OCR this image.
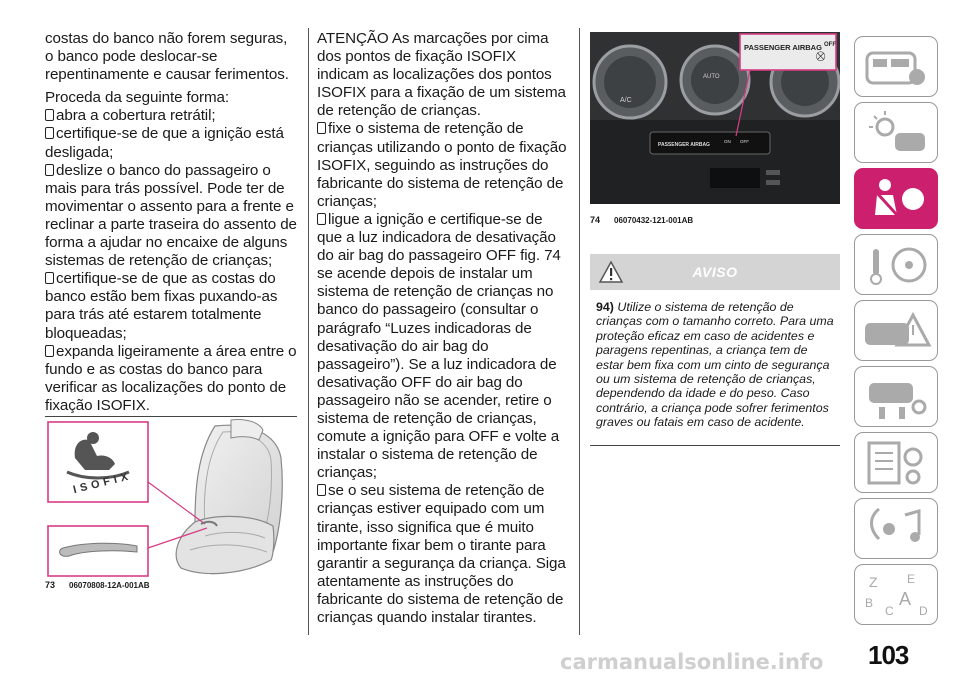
costas do banco não forem seguras, o banco pode deslocar-se repentinamente e causar ferimentos.

Proceda da seguinte forma:

abra a cobertura retrátil;

certifique-se de que a ignição está desligada;

deslize o banco do passageiro o mais para trás possível. Pode ter de movimentar o assento para a frente e reclinar a parte traseira do assento de forma a ajudar no encaixe de alguns sistemas de retenção de crianças;

certifique-se de que as costas do banco estão bem fixas puxando-as para trás até estarem totalmente bloqueadas;

expanda ligeiramente a área entre o fundo e as costas do banco para verificar as localizações do ponto de fixação ISOFIX.

ATENÇÃO As marcações por cima dos pontos de fixação ISOFIX indicam as localizações dos pontos ISOFIX para a fixação de um sistema de retenção de crianças.

fixe o sistema de retenção de crianças utilizando o ponto de fixação ISOFIX, seguindo as instruções do fabricante do sistema de retenção de crianças;

ligue a ignição e certifique-se de que a luz indicadora de desativação do air bag do passageiro OFF fig. 74 se acende depois de instalar um sistema de retenção de crianças no banco do passageiro (consultar o parágrafo “Luzes indicadoras de desativação do air bag do passageiro”). Se a luz indicadora de desativação OFF do air bag do passageiro não se acender, retire o sistema de retenção de crianças, comute a ignição para OFF e volte a instalar o sistema de retenção de crianças;

se o seu sistema de retenção de crianças estiver equipado com um tirante, isso significa que é muito importante fixar bem o tirante para garantir a segurança da criança. Siga atentamente as instruções do fabricante do sistema de retenção de crianças quando instalar tirantes.

ISOFIX
73 06070808-12A-001AB
A/C
AUTO
PASSENGER AIRBAG
ON OFF
PASSENGER AIRBAG OFF
⛒
74 06070432-121-001AB
AVISO
94) Utilize o sistema de retenção de crianças com o tamanho correto. Para uma proteção eficaz em caso de acidentes e paragens repentinas, a criança tem de estar bem fixa com um cinto de segurança ou um sistema de retenção de crianças, dependendo da idade e do peso. Caso contrário, a criança pode sofrer ferimentos graves ou fatais em caso de acidente.
Z E
B
C
A
D
carmanualsonline.info 103
